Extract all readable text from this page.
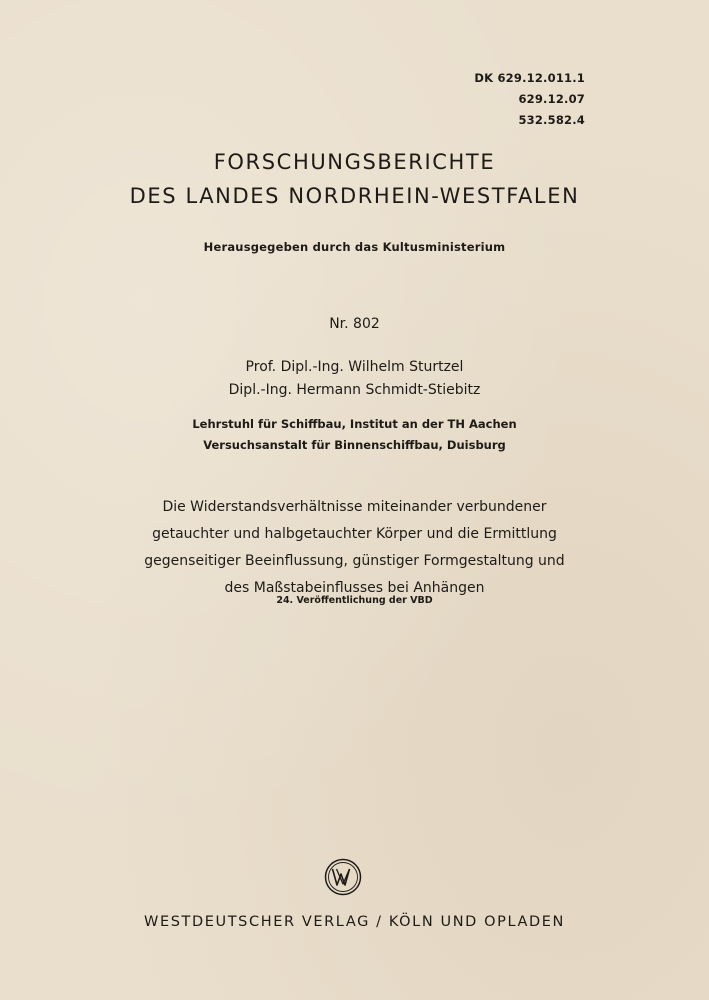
DK 629.12.011.1
629.12.07
532.582.4
FORSCHUNGSBERICHTE
DES LANDES NORDRHEIN-WESTFALEN
Herausgegeben durch das Kultusministerium
Nr. 802
Prof. Dipl.-Ing. Wilhelm Sturtzel
Dipl.-Ing. Hermann Schmidt-Stiebitz
Lehrstuhl für Schiffbau, Institut an der TH Aachen
Versuchsanstalt für Binnenschiffbau, Duisburg
Die Widerstandsverhältnisse miteinander verbundener
getauchter und halbgetauchter Körper und die Ermittlung
gegenseitiger Beeinflussung, günstiger Formgestaltung und
des Maßstabeinflusses bei Anhängen
24. Veröffentlichung der VBD
WESTDEUTSCHER VERLAG / KÖLN UND OPLADEN
